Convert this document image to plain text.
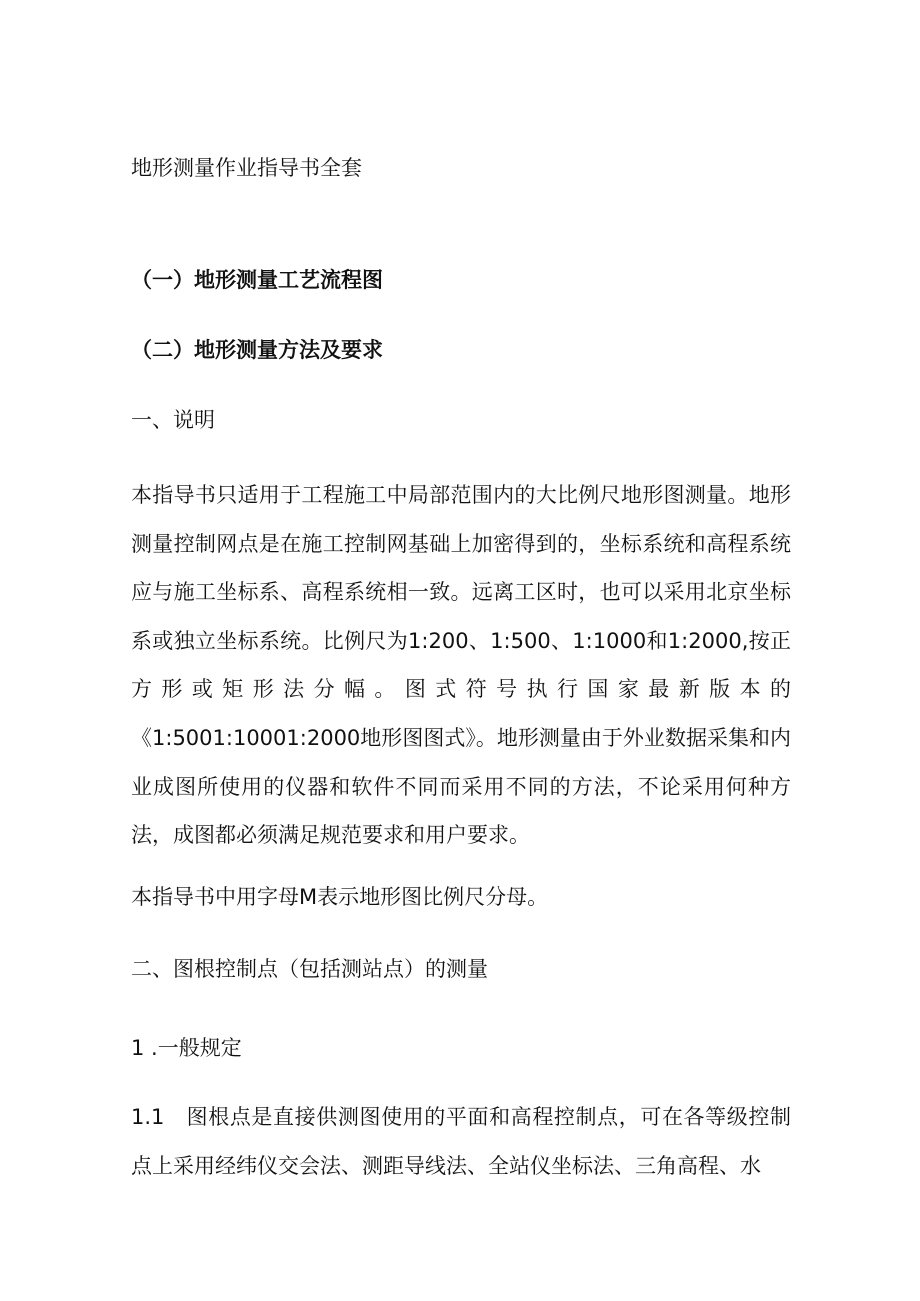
地形测量作业指导书全套
（一）地形测量工艺流程图
（二）地形测量方法及要求
一、说明
本指导书只适用于工程施工中局部范围内的大比例尺地形图测量。地形测量控制网点是在施工控制网基础上加密得到的，坐标系统和高程系统应与施工坐标系、高程系统相一致。远离工区时，也可以采用北京坐标系或独立坐标系统。比例尺为1:200、1:500、1:1000和1:2000,按正方形或矩形法分幅。图式符号执行国家最新版本的《1:5001:10001:2000地形图图式》。地形测量由于外业数据采集和内业成图所使用的仪器和软件不同而采用不同的方法，不论采用何种方法，成图都必须满足规范要求和用户要求。
本指导书中用字母M表示地形图比例尺分母。
二、图根控制点（包括测站点）的测量
1 .一般规定
1.1　图根点是直接供测图使用的平面和高程控制点，可在各等级控制点上采用经纬仪交会法、测距导线法、全站仪坐标法、三角高程、水
